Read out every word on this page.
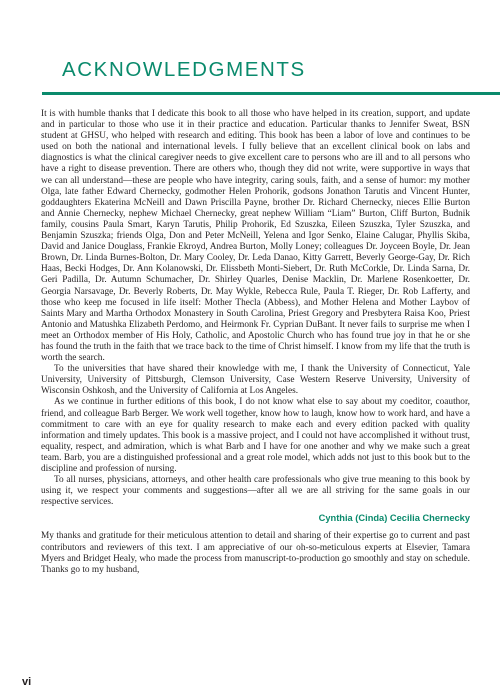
ACKNOWLEDGMENTS

It is with humble thanks that I dedicate this book to all those who have helped in its creation, support, and update and in particular to those who use it in their practice and education. Particular thanks to Jennifer Sweat, BSN student at GHSU, who helped with research and editing. This book has been a labor of love and continues to be used on both the national and international levels. I fully believe that an excellent clinical book on labs and diagnostics is what the clinical caregiver needs to give excellent care to persons who are ill and to all persons who have a right to disease prevention. There are others who, though they did not write, were supportive in ways that we can all understand—these are people who have integrity, caring souls, faith, and a sense of humor: my mother Olga, late father Edward Chernecky, godmother Helen Prohorik, godsons Jonathon Tarutis and Vincent Hunter, goddaughters Ekaterina McNeill and Dawn Priscilla Payne, brother Dr. Richard Chernecky, nieces Ellie Burton and Annie Chernecky, nephew Michael Chernecky, great nephew William “Liam” Burton, Cliff Burton, Budnik family, cousins Paula Smart, Karyn Tarutis, Philip Prohorik, Ed Szuszka, Eileen Szuszka, Tyler Szuszka, and Benjamin Szuszka; friends Olga, Don and Peter McNeill, Yelena and Igor Senko, Elaine Calugar, Phyllis Skiba, David and Janice Douglass, Frankie Ekroyd, Andrea Burton, Molly Loney; colleagues Dr. Joyceen Boyle, Dr. Jean Brown, Dr. Linda Burnes-Bolton, Dr. Mary Cooley, Dr. Leda Danao, Kitty Garrett, Beverly George-Gay, Dr. Rich Haas, Becki Hodges, Dr. Ann Kolanowski, Dr. Elissbeth Monti-Siebert, Dr. Ruth McCorkle, Dr. Linda Sarna, Dr. Geri Padilla, Dr. Autumn Schumacher, Dr. Shirley Quarles, Denise Macklin, Dr. Marlene Rosenkoetter, Dr. Georgia Narsavage, Dr. Beverly Roberts, Dr. May Wykle, Rebecca Rule, Paula T. Rieger, Dr. Rob Lafferty, and those who keep me focused in life itself: Mother Thecla (Abbess), and Mother Helena and Mother Laybov of Saints Mary and Martha Orthodox Monastery in South Carolina, Priest Gregory and Presbytera Raisa Koo, Priest Antonio and Matushka Elizabeth Perdomo, and Heirmonk Fr. Cyprian DuBant. It never fails to surprise me when I meet an Orthodox member of His Holy, Catholic, and Apostolic Church who has found true joy in that he or she has found the truth in the faith that we trace back to the time of Christ himself. I know from my life that the truth is worth the search.

To the universities that have shared their knowledge with me, I thank the University of Connecticut, Yale University, University of Pittsburgh, Clemson University, Case Western Reserve University, University of Wisconsin Oshkosh, and the University of California at Los Angeles.

As we continue in further editions of this book, I do not know what else to say about my coeditor, coauthor, friend, and colleague Barb Berger. We work well together, know how to laugh, know how to work hard, and have a commitment to care with an eye for quality research to make each and every edition packed with quality information and timely updates. This book is a massive project, and I could not have accomplished it without trust, equality, respect, and admiration, which is what Barb and I have for one another and why we make such a great team. Barb, you are a distinguished professional and a great role model, which adds not just to this book but to the discipline and profession of nursing.

To all nurses, physicians, attorneys, and other health care professionals who give true meaning to this book by using it, we respect your comments and suggestions—after all we are all striving for the same goals in our respective services.

Cynthia (Cinda) Cecilia Chernecky

My thanks and gratitude for their meticulous attention to detail and sharing of their expertise go to current and past contributors and reviewers of this text. I am appreciative of our oh-so-meticulous experts at Elsevier, Tamara Myers and Bridget Healy, who made the process from manuscript-to-production go smoothly and stay on schedule. Thanks go to my husband,

vi
